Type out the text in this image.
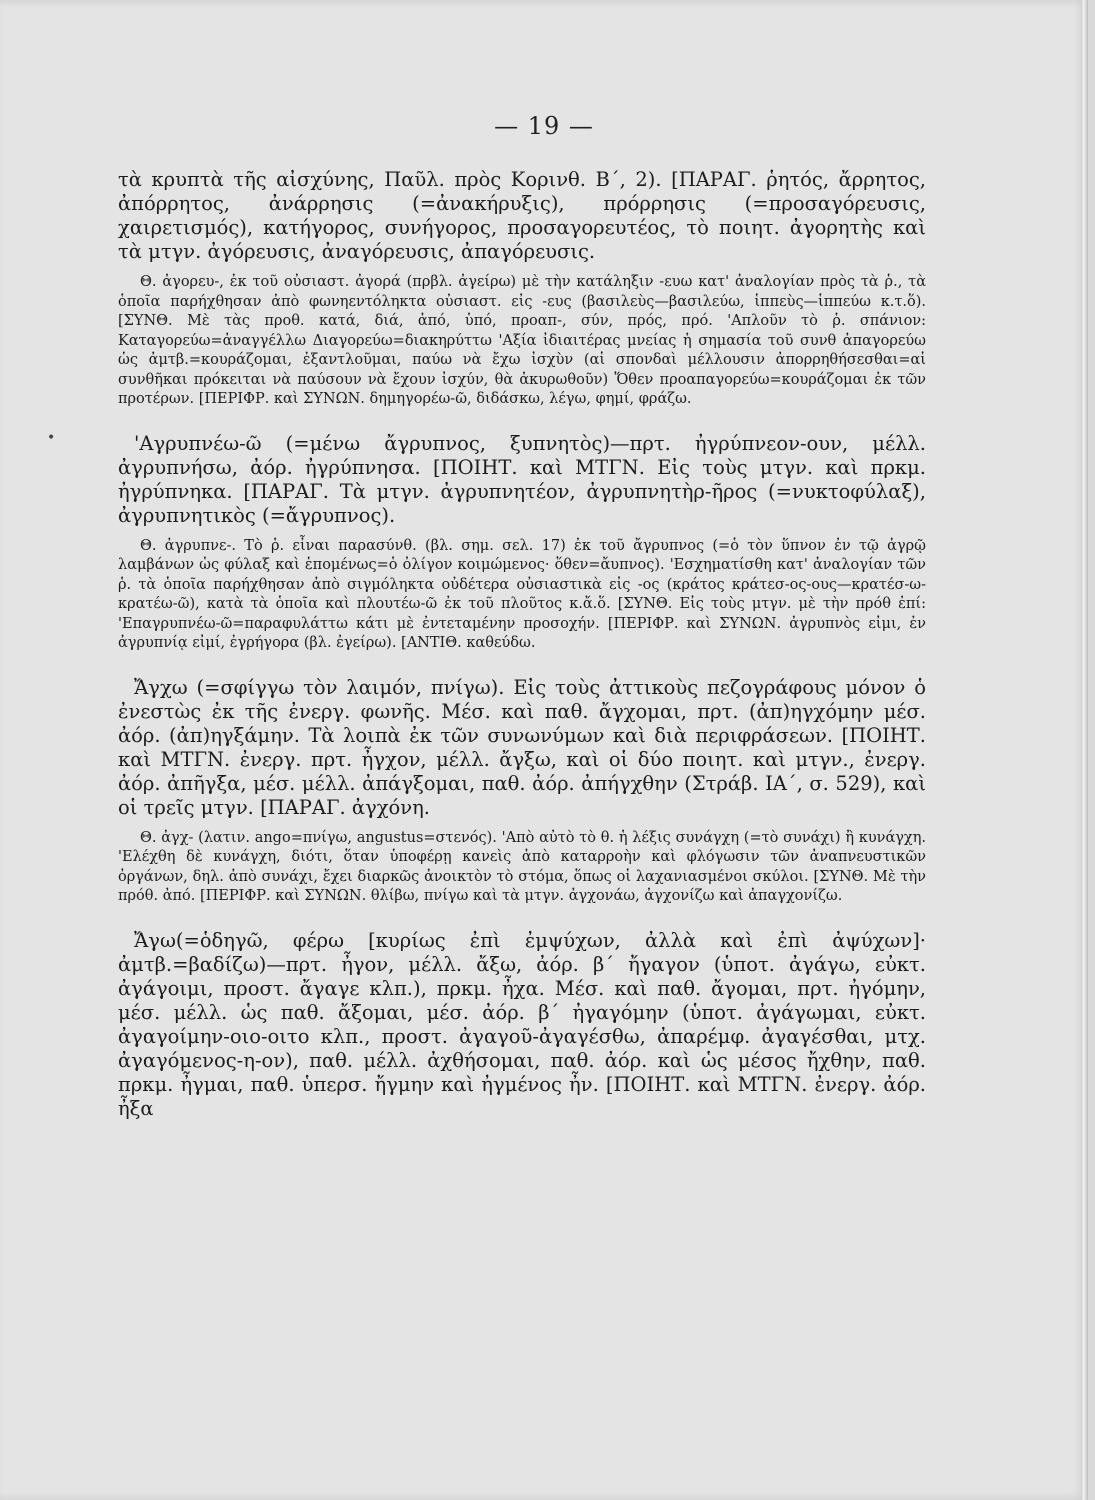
— 19 —
•

τὰ κρυπτὰ τῆς αἰσχύνης, Παῦλ. πρὸς Κορινθ. Β΄, 2). [ΠΑΡΑΓ. ῥητός, ἄρρητος, ἀπόρρητος, ἀνάρρησις (=ἀνακήρυξις), πρόρρησις (=προσαγόρευσις, χαιρετισμός), κατήγορος, συνήγορος, προσαγορευτέος, τὸ ποιητ. ἀγορητὴς καὶ τὰ μτγν. ἀγόρευσις, ἀναγόρευσις, ἀπαγόρευσις.

Θ. ἀγορευ-, ἐκ τοῦ οὐσιαστ. ἀγορά (πρβλ. ἀγείρω) μὲ τὴν κατάληξιν -ευω κατ' ἀναλογίαν πρὸς τὰ ῥ., τὰ ὁποῖα παρήχθησαν ἀπὸ φωνηεντόληκτα οὐσιαστ. εἰς -ευς (βασιλεὺς—βασιλεύω, ἱππεὺς—ἱππεύω κ.τ.ὅ). [ΣΥΝΘ. Μὲ τὰς προθ. κατά, διά, ἀπό, ὑπό, προαπ-, σύν, πρός, πρό. 'Απλοῦν τὸ ῥ. σπάνιον: Καταγορεύω=ἀναγγέλλω Διαγορεύω=διακηρύττω 'Αξία ἰδιαιτέρας μνείας ἡ σημασία τοῦ συνθ ἀπαγορεύω ὡς ἀμτβ.=κουράζομαι, ἐξαντλοῦμαι, παύω νὰ ἔχω ἰσχὺν (αἱ σπονδαὶ μέλλουσιν ἀπορρηθήσεσθαι=αἱ συνθῆκαι πρόκειται νὰ παύσουν νὰ ἔχουν ἰσχύν, θὰ ἀκυρωθοῦν) Ὅθεν προαπαγορεύω=κουράζομαι ἐκ τῶν προτέρων. [ΠΕΡΙΦΡ. καὶ ΣΥΝΩΝ. δημηγορέω-ῶ, διδάσκω, λέγω, φημί, φράζω.

'Αγρυπνέω-ῶ (=μένω ἄγρυπνος, ξυπνητὸς)—πρτ. ἠγρύπνεον-ουν, μέλλ. ἀγρυπνήσω, ἀόρ. ἠγρύπνησα. [ΠΟΙΗΤ. καὶ ΜΤΓΝ. Εἰς τοὺς μτγν. καὶ πρκμ. ἠγρύπνηκα. [ΠΑΡΑΓ. Τὰ μτγν. ἀγρυπνητέον, ἀγρυπνητὴρ-ῆρος (=νυκτοφύλαξ), ἀγρυπνητικὸς (=ἄγρυπνος).

Θ. ἀγρυπνε-. Τὸ ῥ. εἶναι παρασύνθ. (βλ. σημ. σελ. 17) ἐκ τοῦ ἄγρυπνος (=ὁ τὸν ὕπνον ἐν τῷ ἀγρῷ λαμβάνων ὡς φύλαξ καὶ ἑπομένως=ὁ ὀλίγον κοιμώμενος· ὅθεν=ἄυπνος). 'Εσχηματίσθη κατ' ἀναλογίαν τῶν ῥ. τὰ ὁποῖα παρήχθησαν ἀπὸ σιγμόληκτα οὐδέτερα οὐσιαστικὰ εἰς -ος (κράτος κράτεσ-ος-ους—κρατέσ-ω-κρατέω-ῶ), κατὰ τὰ ὁποῖα καὶ πλουτέω-ῶ ἐκ τοῦ πλοῦτος κ.ἄ.ὅ. [ΣΥΝΘ. Εἰς τοὺς μτγν. μὲ τὴν πρόθ ἐπί: 'Επαγρυπνέω-ῶ=παραφυλάττω κάτι μὲ ἐντεταμένην προσοχήν. [ΠΕΡΙΦΡ. καὶ ΣΥΝΩΝ. ἀγρυπνὸς εἰμι, ἐν ἀγρυπνίᾳ εἰμί, ἐγρήγορα (βλ. ἐγείρω). [ΑΝΤΙΘ. καθεύδω.

Ἄγχω (=σφίγγω τὸν λαιμόν, πνίγω). Εἰς τοὺς ἀττικοὺς πεζογράφους μόνον ὁ ἐνεστὼς ἐκ τῆς ἐνεργ. φωνῆς. Μέσ. καὶ παθ. ἄγχομαι, πρτ. (ἀπ)ηγχόμην μέσ. ἀόρ. (ἀπ)ηγξάμην. Τὰ λοιπὰ ἐκ τῶν συνωνύμων καὶ διὰ περιφράσεων. [ΠΟΙΗΤ. καὶ ΜΤΓΝ. ἐνεργ. πρτ. ἦγχον, μέλλ. ἄγξω, καὶ οἱ δύο ποιητ. καὶ μτγν., ἐνεργ. ἀόρ. ἀπῆγξα, μέσ. μέλλ. ἀπάγξομαι, παθ. ἀόρ. ἀπήγχθην (Στράβ. ΙΑ΄, σ. 529), καὶ οἱ τρεῖς μτγν. [ΠΑΡΑΓ. ἀγχόνη.

Θ. ἀγχ- (λατιν. ango=πνίγω, angustus=στενός). 'Απὸ αὐτὸ τὸ θ. ἡ λέξις συνάγχη (=τὸ συνάχι) ἢ κυνάγχη. 'Ελέχθη δὲ κυνάγχη, διότι, ὅταν ὑποφέρῃ κανεὶς ἀπὸ καταρροὴν καὶ φλόγωσιν τῶν ἀναπνευστικῶν ὀργάνων, δηλ. ἀπὸ συνάχι, ἔχει διαρκῶς ἀνοικτὸν τὸ στόμα, ὅπως οἱ λαχανιασμένοι σκύλοι. [ΣΥΝΘ. Μὲ τὴν πρόθ. ἀπό. [ΠΕΡΙΦΡ. καὶ ΣΥΝΩΝ. θλίβω, πνίγω καὶ τὰ μτγν. ἀγχονάω, ἀγχονίζω καὶ ἀπαγχονίζω.

Ἄγω(=ὁδηγῶ, φέρω [κυρίως ἐπὶ ἐμψύχων, ἀλλὰ καὶ ἐπὶ ἀψύχων]· ἀμτβ.=βαδίζω)—πρτ. ἦγον, μέλλ. ἄξω, ἀόρ. β΄ ἤγαγον (ὑποτ. ἀγάγω, εὐκτ. ἀγάγοιμι, προστ. ἄγαγε κλπ.), πρκμ. ἦχα. Μέσ. καὶ παθ. ἄγομαι, πρτ. ἠγόμην, μέσ. μέλλ. ὡς παθ. ἄξομαι, μέσ. ἀόρ. β΄ ἠγαγόμην (ὑποτ. ἀγάγωμαι, εὐκτ. ἀγαγοίμην-οιο-οιτο κλπ., προστ. ἀγαγοῦ-ἀγαγέσθω, ἀπαρέμφ. ἀγαγέσθαι, μτχ. ἀγαγόμενος-η-ον), παθ. μέλλ. ἀχθήσομαι, παθ. ἀόρ. καὶ ὡς μέσος ἤχθην, παθ. πρκμ. ἦγμαι, παθ. ὑπερσ. ἤγμην καὶ ἠγμένος ἦν. [ΠΟΙΗΤ. καὶ ΜΤΓΝ. ἐνεργ. ἀόρ. ἦξα
